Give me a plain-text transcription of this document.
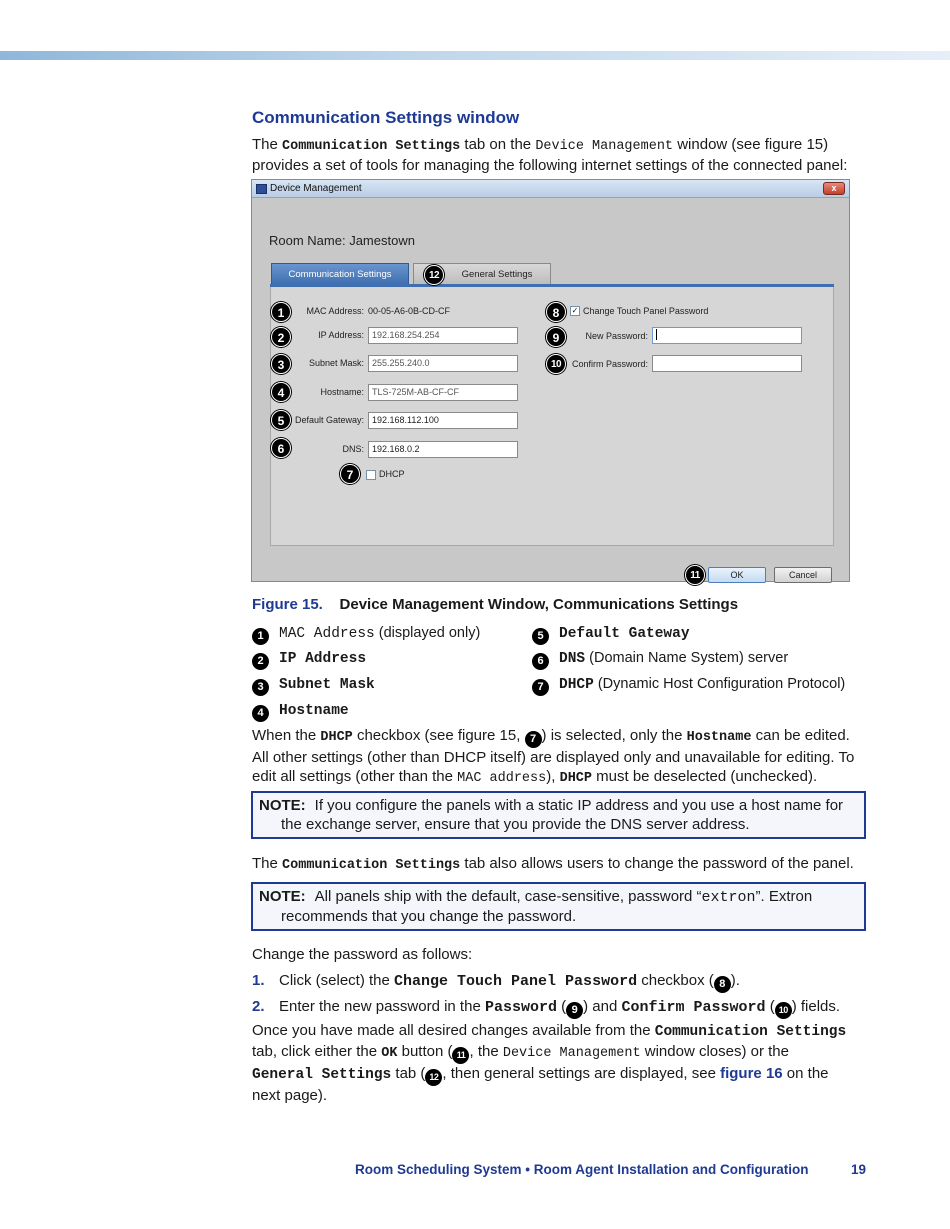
Communication Settings window
The Communication Settings tab on the Device Management window (see figure 15)
provides a set of tools for managing the following internet settings of the connected panel:
Device Management	x
Room Name: Jamestown
Communication Settings	General Settings
MAC Address: 00-05-A6-0B-CD-CF
IP Address: 192.168.254.254
Subnet Mask: 255.255.240.0
Hostname: TLS-725M-AB-CF-CF
Default Gateway: 192.168.112.100
DNS: 192.168.0.2
DHCP
✓ Change Touch Panel Password
New Password:
Confirm Password:
OK	Cancel
1
2
3
4
5
6
7
8
9
10
11
12
Figure 15. Device Management Window, Communications Settings
1 MAC Address (displayed only)
2 IP Address
3 Subnet Mask
4 Hostname
5 Default Gateway
6 DNS (Domain Name System) server
7 DHCP (Dynamic Host Configuration Protocol)
When the DHCP checkbox (see figure 15, 7 ) is selected, only the Hostname can be edited.
All other settings (other than DHCP itself) are displayed only and unavailable for editing. To
edit all settings (other than the MAC address), DHCP must be deselected (unchecked).
NOTE: If you configure the panels with a static IP address and you use a host name for the exchange server, ensure that you provide the DNS server address.
The Communication Settings tab also allows users to change the password of the panel.
NOTE: All panels ship with the default, case-sensitive, password “extron”. Extron recommends that you change the password.
Change the password as follows:
1. Click (select) the Change Touch Panel Password checkbox ( 8 ).
2. Enter the new password in the Password ( 9 ) and Confirm Password ( 10 ) fields.
Once you have made all desired changes available from the Communication Settings
tab, click either the OK button ( 11 , the Device Management window closes) or the
General Settings tab ( 12 , then general settings are displayed, see figure 16 on the
next page).
Room Scheduling System • Room Agent Installation and Configuration	19
